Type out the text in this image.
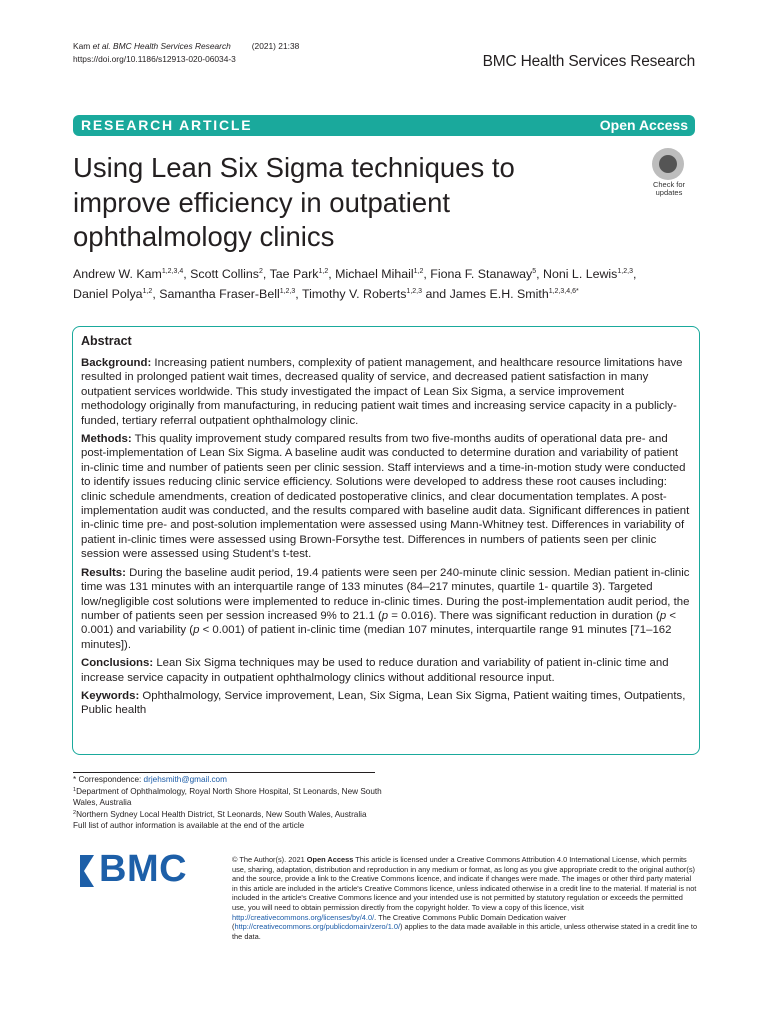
Kam et al. BMC Health Services Research (2021) 21:38
https://doi.org/10.1186/s12913-020-06034-3	BMC Health Services Research
RESEARCH ARTICLE	Open Access
Using Lean Six Sigma techniques to improve efficiency in outpatient ophthalmology clinics
Check for
updates
Andrew W. Kam$^{1,2,3,4}$, Scott Collins$^2$, Tae Park$^{1,2}$, Michael Mihail$^{1,2}$, Fiona F. Stanaway$^5$, Noni L. Lewis$^{1,2,3}$, Daniel Polya$^{1,2}$, Samantha Fraser-Bell$^{1,2,3}$, Timothy V. Roberts$^{1,2,3}$ and James E.H. Smith$^{1,2,3,4,6*}$
Abstract

Background: Increasing patient numbers, complexity of patient management, and healthcare resource limitations have resulted in prolonged patient wait times, decreased quality of service, and decreased patient satisfaction in many outpatient services worldwide. This study investigated the impact of Lean Six Sigma, a service improvement methodology originally from manufacturing, in reducing patient wait times and increasing service capacity in a publicly-funded, tertiary referral outpatient ophthalmology clinic.

Methods: This quality improvement study compared results from two five-months audits of operational data pre- and post-implementation of Lean Six Sigma. A baseline audit was conducted to determine duration and variability of patient in-clinic time and number of patients seen per clinic session. Staff interviews and a time-in-motion study were conducted to identify issues reducing clinic service efficiency. Solutions were developed to address these root causes including: clinic schedule amendments, creation of dedicated postoperative clinics, and clear documentation templates. A post-implementation audit was conducted, and the results compared with baseline audit data. Significant differences in patient in-clinic time pre- and post-solution implementation were assessed using Mann-Whitney test. Differences in variability of patient in-clinic times were assessed using Brown-Forsythe test. Differences in numbers of patients seen per clinic session were assessed using Student’s t-test.

Results: During the baseline audit period, 19.4 patients were seen per 240-minute clinic session. Median patient in-clinic time was 131 minutes with an interquartile range of 133 minutes (84–217 minutes, quartile 1- quartile 3). Targeted low/negligible cost solutions were implemented to reduce in-clinic times. During the post-implementation audit period, the number of patients seen per session increased 9% to 21.1 (p = 0.016). There was significant reduction in duration (p < 0.001) and variability (p < 0.001) of patient in-clinic time (median 107 minutes, interquartile range 91 minutes [71–162 minutes]).

Conclusions: Lean Six Sigma techniques may be used to reduce duration and variability of patient in-clinic time and increase service capacity in outpatient ophthalmology clinics without additional resource input.

Keywords: Ophthalmology, Service improvement, Lean, Six Sigma, Lean Six Sigma, Patient waiting times, Outpatients, Public health

* Correspondence: drjehsmith@gmail.com
$^1$Department of Ophthalmology, Royal North Shore Hospital, St Leonards, New South Wales, Australia
$^2$Northern Sydney Local Health District, St Leonards, New South Wales, Australia
Full list of author information is available at the end of the article
BMC	© The Author(s). 2021 Open Access This article is licensed under a Creative Commons Attribution 4.0 International License, which permits use, sharing, adaptation, distribution and reproduction in any medium or format, as long as you give appropriate credit to the original author(s) and the source, provide a link to the Creative Commons licence, and indicate if changes were made. The images or other third party material in this article are included in the article's Creative Commons licence, unless indicated otherwise in a credit line to the material. If material is not included in the article's Creative Commons licence and your intended use is not permitted by statutory regulation or exceeds the permitted use, you will need to obtain permission directly from the copyright holder. To view a copy of this licence, visit http://creativecommons.org/licenses/by/4.0/. The Creative Commons Public Domain Dedication waiver (http://creativecommons.org/publicdomain/zero/1.0/) applies to the data made available in this article, unless otherwise stated in a credit line to the data.
